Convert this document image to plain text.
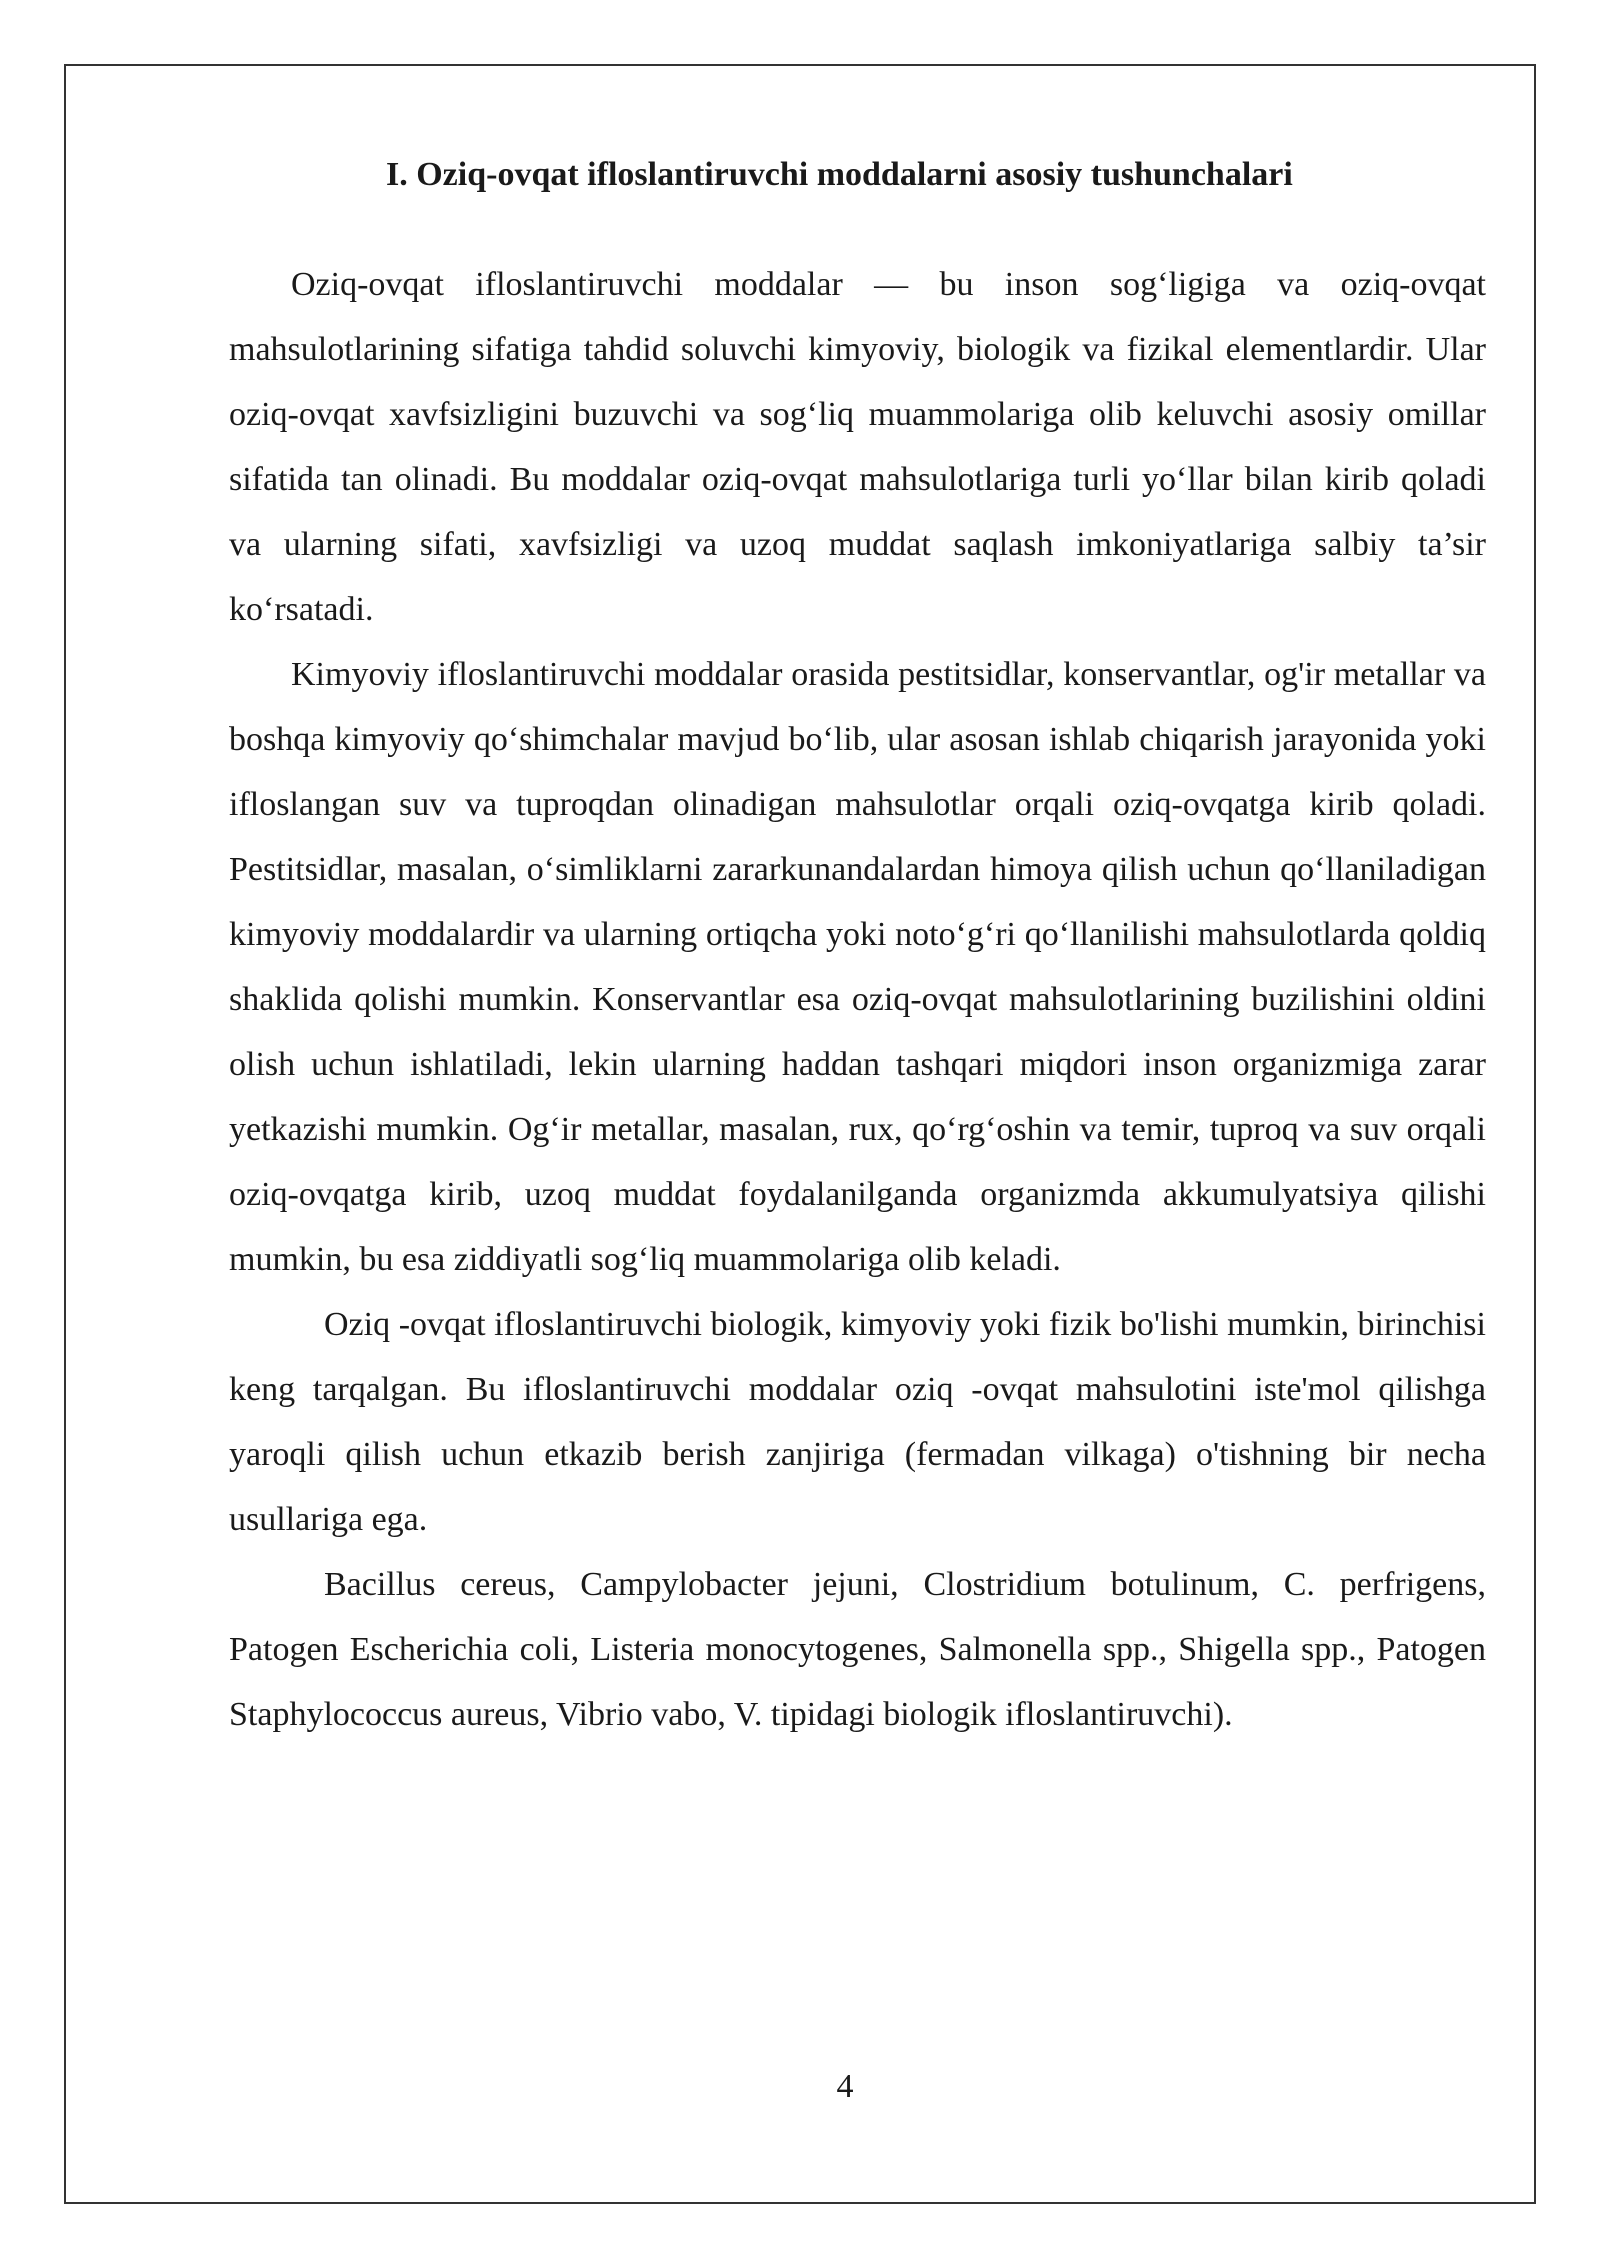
I. Oziq-ovqat ifloslantiruvchi moddalarni asosiy tushunchalari

Oziq-ovqat ifloslantiruvchi moddalar — bu inson sog‘ligiga va oziq-ovqat mahsulotlarining sifatiga tahdid soluvchi kimyoviy, biologik va fizikal elementlardir. Ular oziq-ovqat xavfsizligini buzuvchi va sog‘liq muammolariga olib keluvchi asosiy omillar sifatida tan olinadi. Bu moddalar oziq-ovqat mahsulotlariga turli yo‘llar bilan kirib qoladi va ularning sifati, xavfsizligi va uzoq muddat saqlash imkoniyatlariga salbiy ta’sir ko‘rsatadi.

Kimyoviy ifloslantiruvchi moddalar orasida pestitsidlar, konservantlar, og'ir metallar va boshqa kimyoviy qo‘shimchalar mavjud bo‘lib, ular asosan ishlab chiqarish jarayonida yoki ifloslangan suv va tuproqdan olinadigan mahsulotlar orqali oziq-ovqatga kirib qoladi. Pestitsidlar, masalan, o‘simliklarni zararkunandalardan himoya qilish uchun qo‘llaniladigan kimyoviy moddalardir va ularning ortiqcha yoki noto‘g‘ri qo‘llanilishi mahsulotlarda qoldiq shaklida qolishi mumkin. Konservantlar esa oziq-ovqat mahsulotlarining buzilishini oldini olish uchun ishlatiladi, lekin ularning haddan tashqari miqdori inson organizmiga zarar yetkazishi mumkin. Og‘ir metallar, masalan, rux, qo‘rg‘oshin va temir, tuproq va suv orqali oziq-ovqatga kirib, uzoq muddat foydalanilganda organizmda akkumulyatsiya qilishi mumkin, bu esa ziddiyatli sog‘liq muammolariga olib keladi.

Oziq -ovqat ifloslantiruvchi biologik, kimyoviy yoki fizik bo'lishi mumkin, birinchisi keng tarqalgan. Bu ifloslantiruvchi moddalar oziq -ovqat mahsulotini iste'mol qilishga yaroqli qilish uchun etkazib berish zanjiriga (fermadan vilkaga) o'tishning bir necha usullariga ega.

Bacillus cereus, Campylobacter jejuni, Clostridium botulinum, C. perfrigens, Patogen Escherichia coli, Listeria monocytogenes, Salmonella spp., Shigella spp., Patogen Staphylococcus aureus, Vibrio vabo, V. tipidagi biologik ifloslantiruvchi).

4
